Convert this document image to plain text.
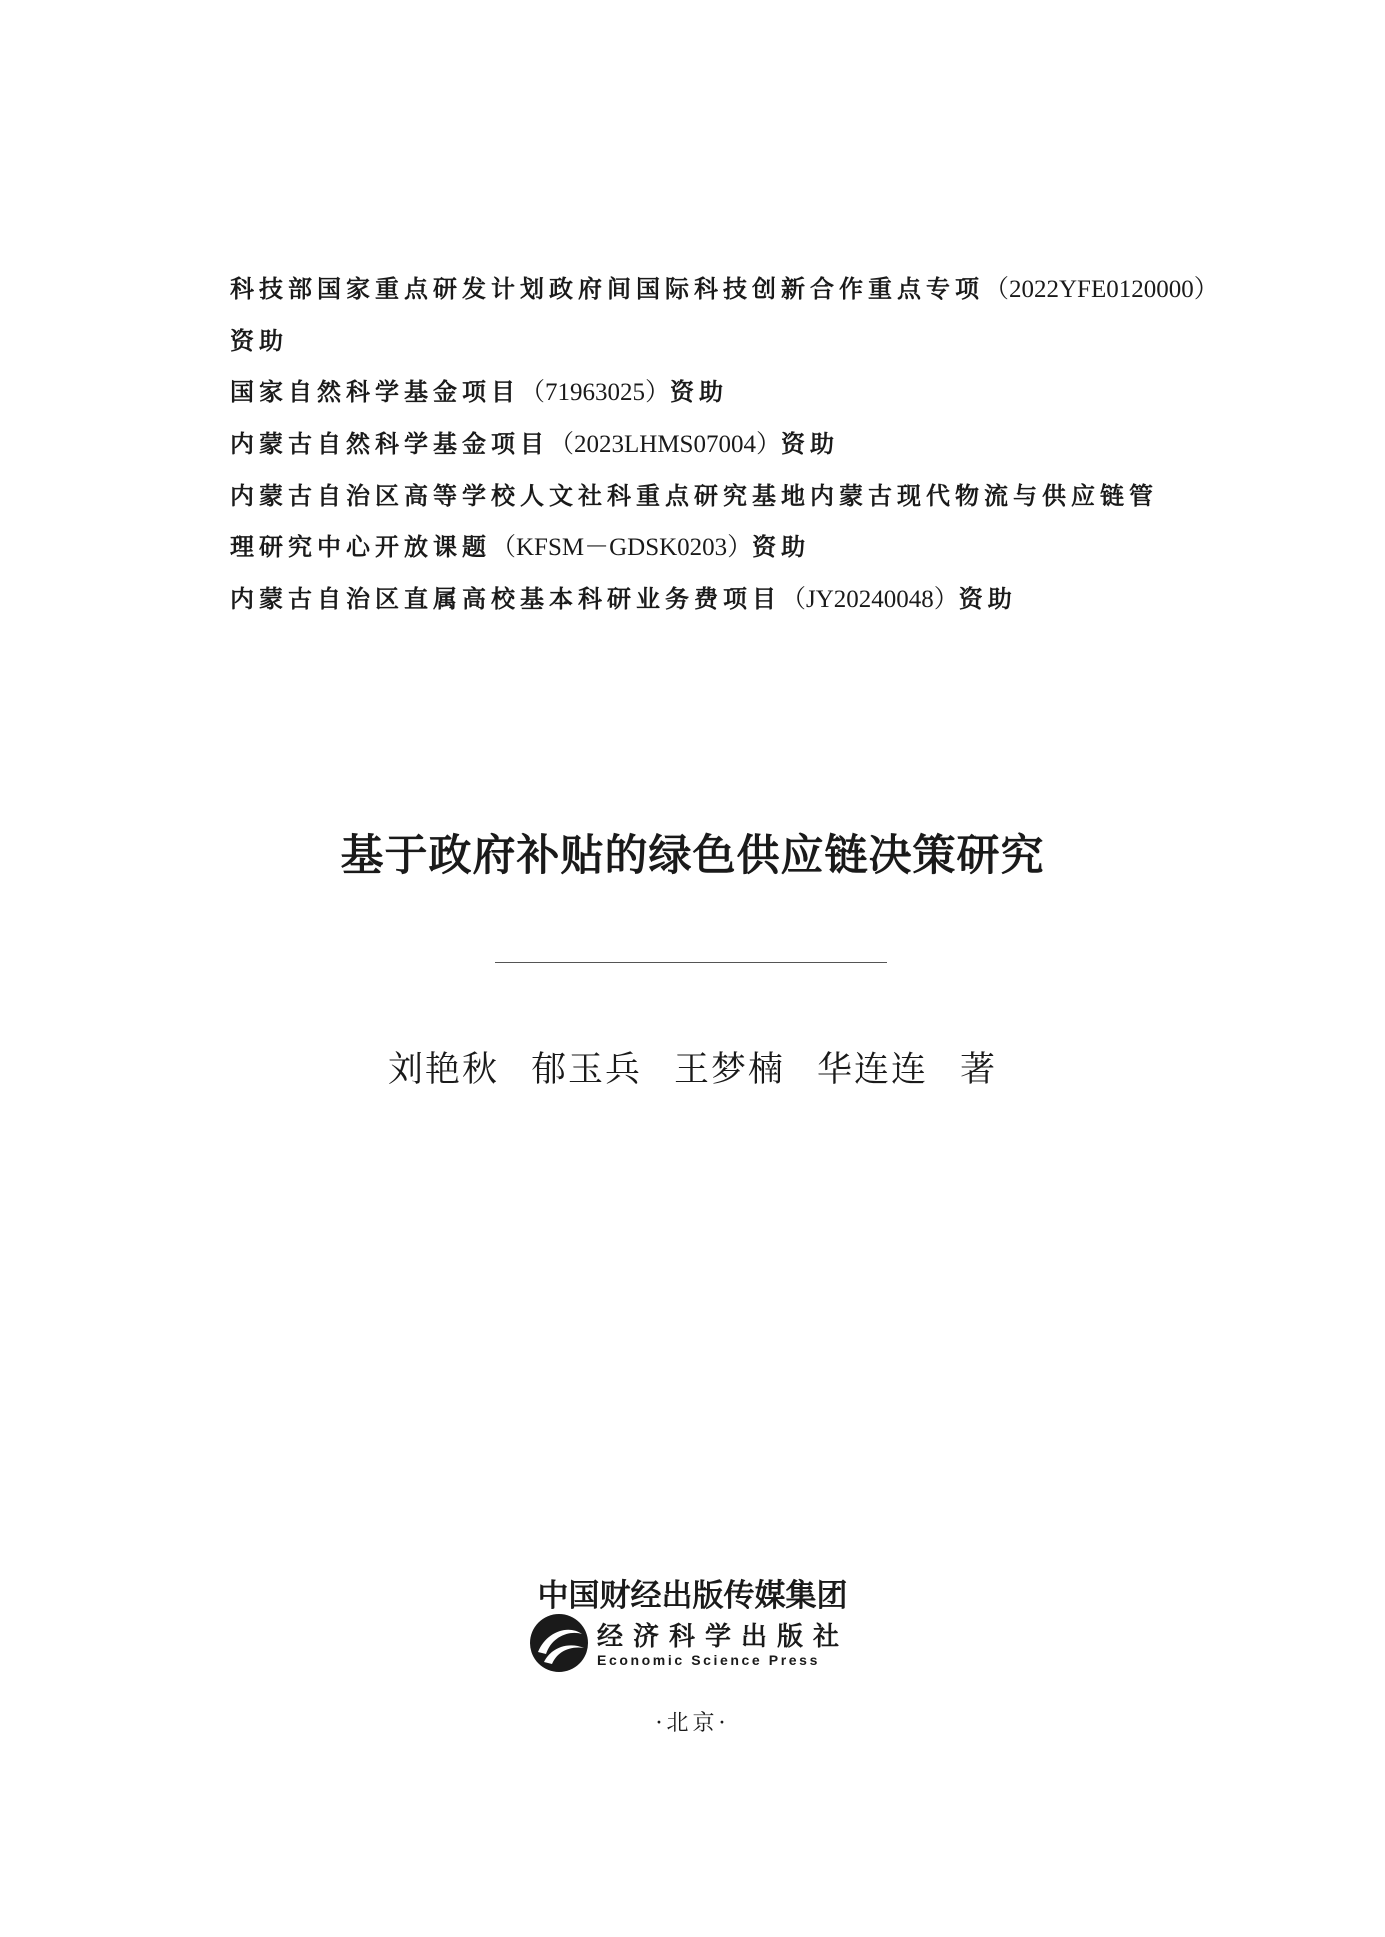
科技部国家重点研发计划政府间国际科技创新合作重点专项（2022YFE0120000）
资助
国家自然科学基金项目（71963025）资助
内蒙古自然科学基金项目（2023LHMS07004）资助
内蒙古自治区高等学校人文社科重点研究基地内蒙古现代物流与供应链管
理研究中心开放课题（KFSM－GDSK0203）资助
内蒙古自治区直属高校基本科研业务费项目（JY20240048）资助
基于政府补贴的绿色供应链决策研究
刘艳秋 郁玉兵 王梦楠 华连连 著
中国财经出版传媒集团
经济科学出版社
Economic Science Press
·北京·
